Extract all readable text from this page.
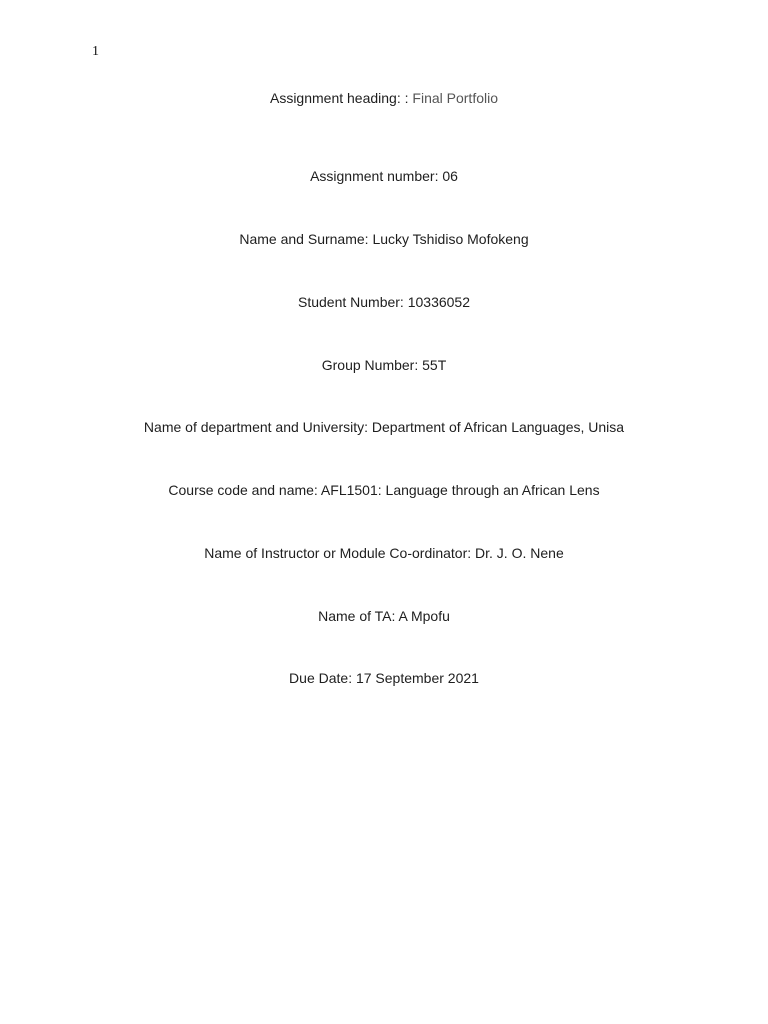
1
Assignment heading: : Final Portfolio
Assignment number: 06
Name and Surname: Lucky Tshidiso Mofokeng
Student Number: 10336052
Group Number: 55T
Name of department and University: Department of African Languages, Unisa
Course code and name: AFL1501: Language through an African Lens
Name of Instructor or Module Co-ordinator: Dr. J. O. Nene
Name of TA: A Mpofu
Due Date: 17 September 2021
